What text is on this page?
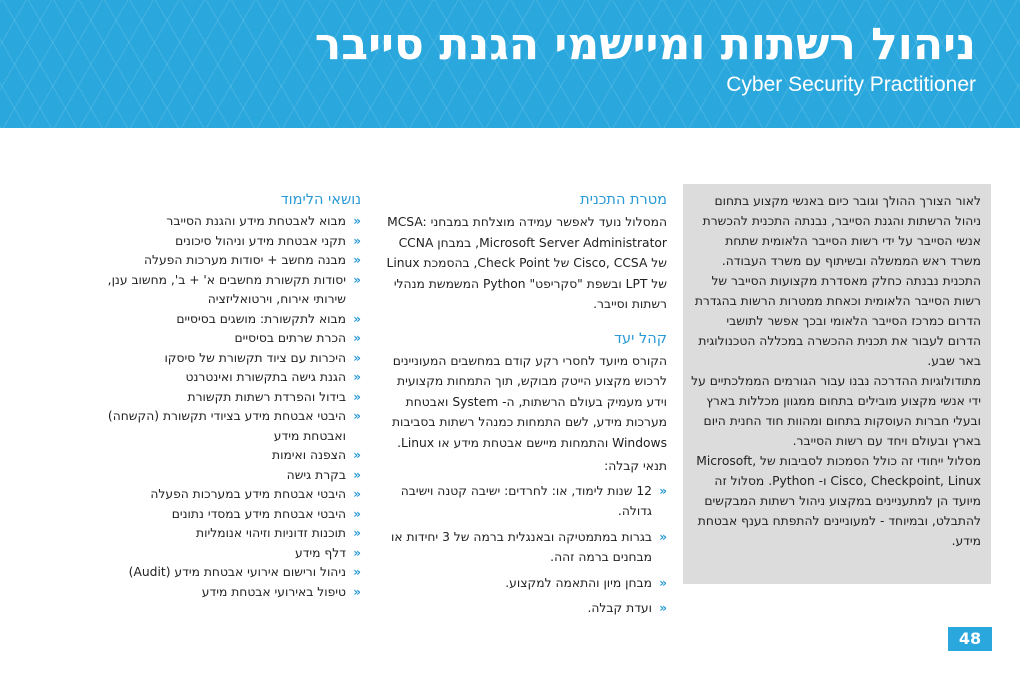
ניהול רשתות ומיישמי הגנת סייבר
Cyber Security Practitioner

לאור הצורך ההולך וגובר כיום באנשי מקצוע בתחום ניהול הרשתות והגנת הסייבר, נבנתה התכנית להכשרת אנשי הסייבר על ידי רשות הסייבר הלאומית שתחת משרד ראש הממשלה ובשיתוף עם משרד העבודה. התכנית נבנתה כחלק מאסדרת מקצועות הסייבר של רשות הסייבר הלאומית וכאחת ממטרות הרשות בהגדרת הדרום כמרכז הסייבר הלאומי ובכך אפשר לתושבי הדרום לעבור את תכנית ההכשרה במכללה הטכנולוגית באר שבע.

מתודולוגיות ההדרכה נבנו עבור הגורמים הממלכתיים על ידי אנשי מקצוע מובילים בתחום ממגוון מכללות בארץ ובעלי חברות העוסקות בתחום ומהוות חוד החנית היום בארץ ובעולם ויחד עם רשות הסייבר.

מסלול ייחודי זה כולל הסמכות לסביבות של Microsoft, Cisco, Checkpoint, Linux ו- Python. מסלול זה מיועד הן למתעניינים במקצוע ניהול רשתות המבקשים להתבלט, ובמיוחד - למעוניינים להתפתח בענף אבטחת מידע.

מטרת התכנית

המסלול נועד לאפשר עמידה מוצלחת במבחני MCSA: Microsoft Server Administrator, במבחן CCNA של Cisco, CCSA של Check Point, בהסמכת Linux של LPT ובשפת "סקריפט" Python המשמשת מנהלי רשתות וסייבר.

קהל יעד

הקורס מיועד לחסרי רקע קודם במחשבים המעוניינים לרכוש מקצוע הייטק מבוקש, תוך התמחות מקצועית וידע מעמיק בעולם הרשתות, ה- System ואבטחת מערכות מידע, לשם התמחות כמנהל רשתות בסביבות Windows והתמחות מיישם אבטחת מידע או Linux.

תנאי קבלה:

«
12 שנות לימוד, או: לחרדים: ישיבה קטנה וישיבה גדולה.
«
בגרות במתמטיקה ובאנגלית ברמה של 3 יחידות או מבחנים ברמה זהה.
«
מבחן מיון והתאמה למקצוע.
«
ועדת קבלה.
נושאי הלימוד
«
מבוא לאבטחת מידע והגנת הסייבר
«
תקני אבטחת מידע וניהול סיכונים
«
מבנה מחשב + יסודות מערכות הפעלה
«
יסודות תקשורת מחשבים א' + ב', מחשוב ענן, שירותי אירוח, וירטואליזציה
«
מבוא לתקשורת: מושגים בסיסיים
«
הכרת שרתים בסיסיים
«
היכרות עם ציוד תקשורת של סיסקו
«
הגנת גישה בתקשורת ואינטרנט
«
בידול והפרדת רשתות תקשורת
«
היבטי אבטחת מידע בציודי תקשורת (הקשחה) ואבטחת מידע
«
הצפנה ואימות
«
בקרת גישה
«
היבטי אבטחת מידע במערכות הפעלה
«
היבטי אבטחת מידע במסדי נתונים
«
תוכנות זדוניות וזיהוי אנומליות
«
דלף מידע
«
ניהול ורישום אירועי אבטחת מידע (Audit)
«
טיפול באירועי אבטחת מידע
48
